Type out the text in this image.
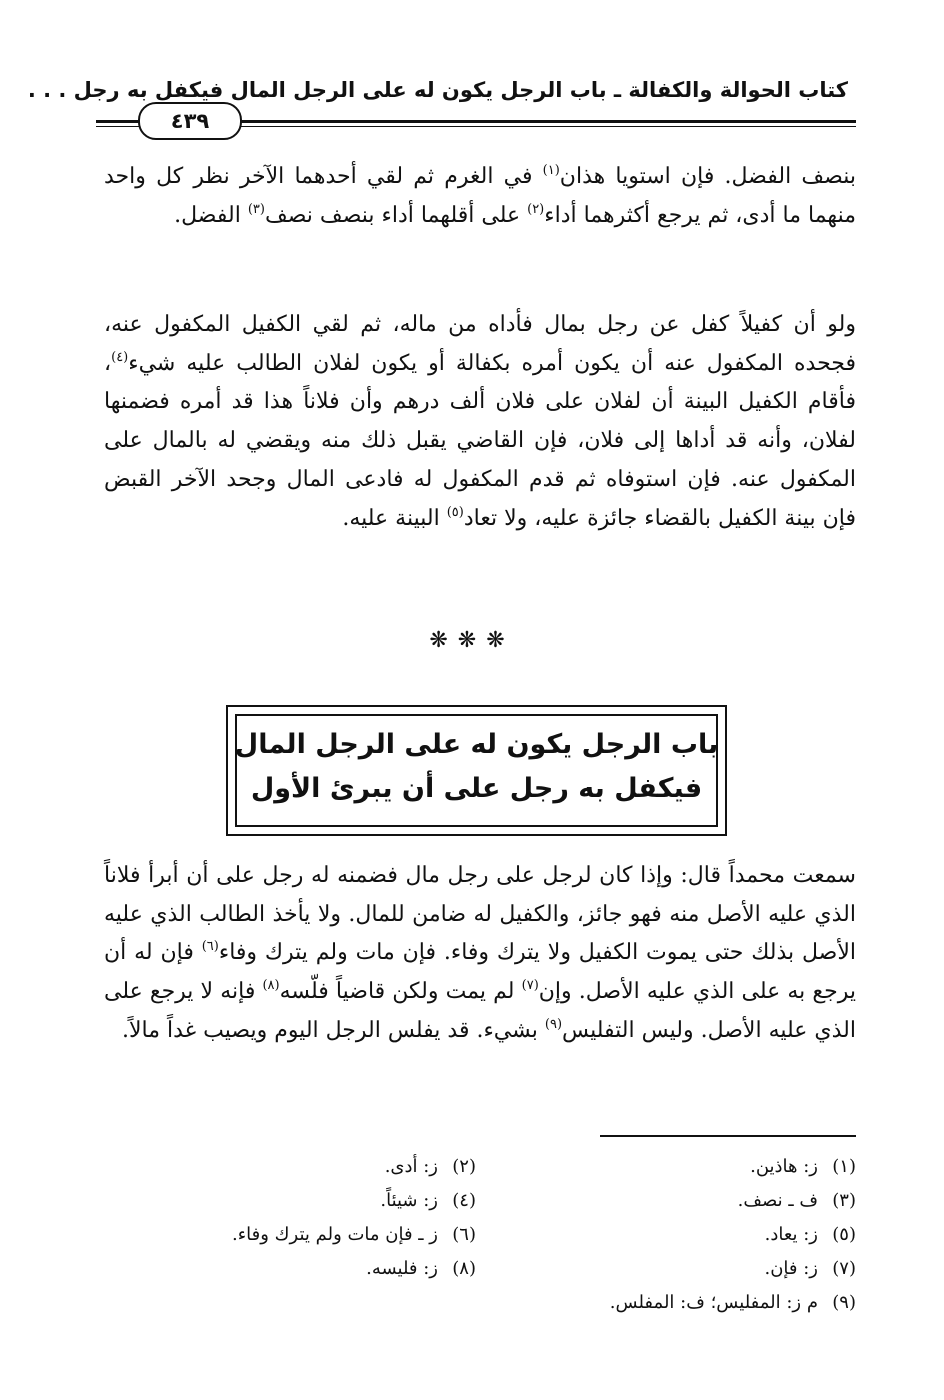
كتاب الحوالة والكفالة ـ باب الرجل يكون له على الرجل المال فيكفل به رجل . . .
٤٣٩
بنصف الفضل. فإن استويا هذان$^{(١)}$ في الغرم ثم لقي أحدهما الآخر نظر كل واحد منهما ما أدى، ثم يرجع أكثرهما أداء$^{(٢)}$ على أقلهما أداء بنصف نصف$^{(٣)}$ الفضل.
ولو أن كفيلاً كفل عن رجل بمال فأداه من ماله، ثم لقي الكفيل المكفول عنه، فجحده المكفول عنه أن يكون أمره بكفالة أو يكون لفلان الطالب عليه شيء$^{(٤)}$، فأقام الكفيل البينة أن لفلان على فلان ألف درهم وأن فلاناً هذا قد أمره فضمنها لفلان، وأنه قد أداها إلى فلان، فإن القاضي يقبل ذلك منه ويقضي له بالمال على المكفول عنه. فإن استوفاه ثم قدم المكفول له فادعى المال وجحد الآخر القبض فإن بينة الكفيل بالقضاء جائزة عليه، ولا تعاد$^{(٥)}$ البينة عليه.
❋❋❋
باب الرجل يكون له على الرجل المال
فيكفل به رجل على أن يبرئ الأول
سمعت محمداً قال: وإذا كان لرجل على رجل مال فضمنه له رجل على أن أبرأ فلاناً الذي عليه الأصل منه فهو جائز، والكفيل له ضامن للمال. ولا يأخذ الطالب الذي عليه الأصل بذلك حتى يموت الكفيل ولا يترك وفاء. فإن مات ولم يترك وفاء$^{(٦)}$ فإن له أن يرجع به على الذي عليه الأصل. وإن$^{(٧)}$ لم يمت ولكن قاضياً فلّسه$^{(٨)}$ فإنه لا يرجع على الذي عليه الأصل. وليس التفليس$^{(٩)}$ بشيء. قد يفلس الرجل اليوم ويصيب غداً مالاً.
(١)ز: هاذين.
(٢)ز: أدى.
(٣)ف ـ نصف.
(٤)ز: شيئاً.
(٥)ز: يعاد.
(٦)ز ـ فإن مات ولم يترك وفاء.
(٧)ز: فإن.
(٨)ز: فليسه.
(٩)م ز: المفليس؛ ف: المفلس.
